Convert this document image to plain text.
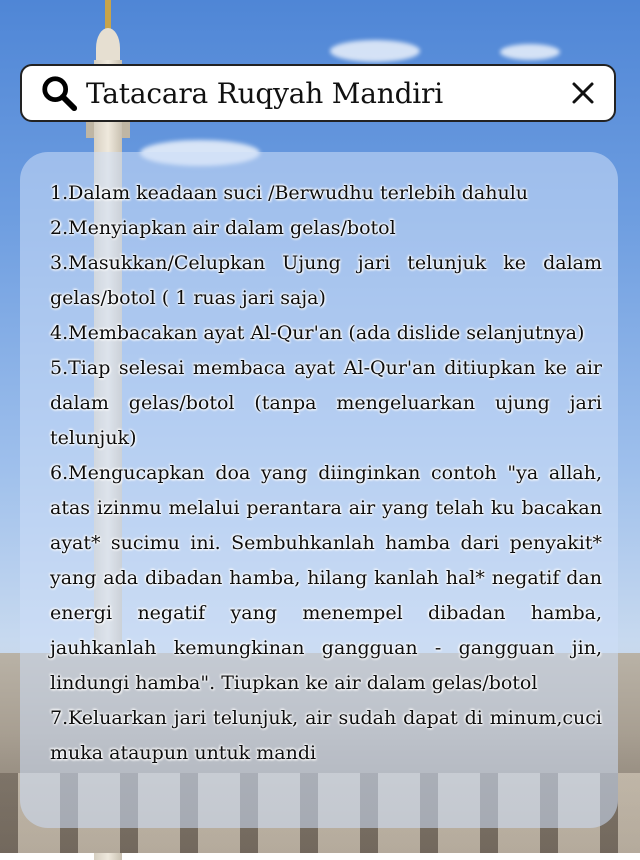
Tatacara Ruqyah Mandiri

1.Dalam keadaan suci /Berwudhu terlebih dahulu

2.Menyiapkan air dalam gelas/botol

3.Masukkan/Celupkan Ujung jari telunjuk ke dalam gelas/botol ( 1 ruas jari saja)

4.Membacakan ayat Al-Qur'an (ada dislide selanjutnya)

5.Tiap selesai membaca ayat Al-Qur'an ditiupkan ke air dalam gelas/botol (tanpa mengeluarkan ujung jari telunjuk)

6.Mengucapkan doa yang diinginkan contoh "ya allah, atas izinmu melalui perantara air yang telah ku bacakan ayat* sucimu ini. Sembuhkanlah hamba dari penyakit* yang ada dibadan hamba, hilang kanlah hal* negatif dan energi negatif yang menempel dibadan hamba, jauhkanlah kemungkinan gangguan - gangguan jin, lindungi hamba". Tiupkan ke air dalam gelas/botol

7.Keluarkan jari telunjuk, air sudah dapat di minum,cuci muka ataupun untuk mandi
